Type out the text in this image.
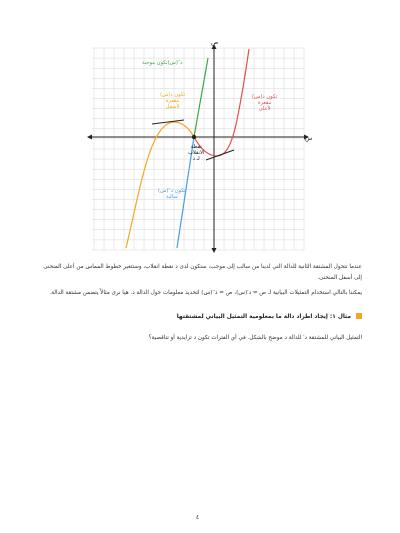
ص
س
د′′(س)تكون موجبة
تكون د(س)
مقعرة
لأسفل
تكون د(س)
مقعرة
لأعلى
نقطة
الانقلاب
لـ د
تكون د′′(س)
سالبة
عندما تتحول المشتقة الثانية للدالة التي لدينا من سالب إلى موجب، ستكون لدى د نقطة انقلاب، وستتغير خطوط المماس من أعلى المنحنى إلى أسفل المنحنى.
يمكننا بالتالي استخدام التمثيلات البيانية لـ ص = د′(س)، ص = د′′(س) لتحديد معلومات حول الدالة د. هيا نرى مثالاً يتضمن مشتقة الدالة.
مثال ١: إيجاد اطراد دالة ما بمعلومية التمثيل البياني لمشتقتها
التمثيل البياني للمشتقة د′ للدالة د موضح بالشكل. في أي الفترات تكون د تزايدية أو تناقصية؟
٤
